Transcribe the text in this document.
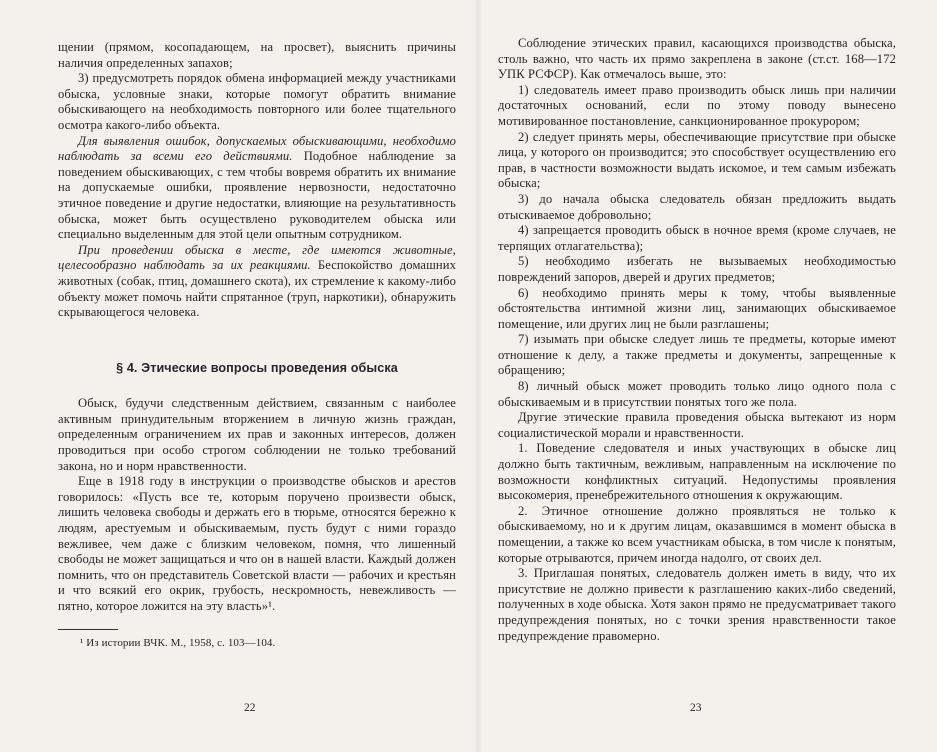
щении (прямом, косопадающем, на просвет), выяснить причины наличия определенных запахов;

3) предусмотреть порядок обмена информацией между участниками обыска, условные знаки, которые помогут обратить внимание обыскивающего на необходимость повторного или более тщательного осмотра какого-либо объекта.

Для выявления ошибок, допускаемых обыскивающими, необходимо наблюдать за всеми его действиями. Подобное наблюдение за поведением обыскивающих, с тем чтобы вовремя обратить их внимание на допускаемые ошибки, проявление нервозности, недостаточно этичное поведение и другие недостатки, влияющие на результативность обыска, может быть осуществлено руководителем обыска или специально выделенным для этой цели опытным сотрудником.

При проведении обыска в месте, где имеются животные, целесообразно наблюдать за их реакциями. Беспокойство домашних животных (собак, птиц, домашнего скота), их стремление к какому-либо объекту может помочь найти спрятанное (труп, наркотики), обнаружить скрывающегося человека.

§ 4. Этические вопросы проведения обыска

Обыск, будучи следственным действием, связанным с наиболее активным принудительным вторжением в личную жизнь граждан, определенным ограничением их прав и законных интересов, должен проводиться при особо строгом соблюдении не только требований закона, но и норм нравственности.

Еще в 1918 году в инструкции о производстве обысков и арестов говорилось: «Пусть все те, которым поручено произвести обыск, лишить человека свободы и держать его в тюрьме, относятся бережно к людям, арестуемым и обыскиваемым, пусть будут с ними гораздо вежливее, чем даже с близким человеком, помня, что лишенный свободы не может защищаться и что он в нашей власти. Каждый должен помнить, что он представитель Советской власти — рабочих и крестьян и что всякий его окрик, грубость, нескромность, невежливость — пятно, которое ложится на эту власть»¹.

¹ Из истории ВЧК. М., 1958, с. 103—104.

22

Соблюдение этических правил, касающихся производства обыска, столь важно, что часть их прямо закреплена в законе (ст.ст. 168—172 УПК РСФСР). Как отмечалось выше, это:

1) следователь имеет право производить обыск лишь при наличии достаточных оснований, если по этому поводу вынесено мотивированное постановление, санкционированное прокурором;

2) следует принять меры, обеспечивающие присутствие при обыске лица, у которого он производится; это способствует осуществлению его прав, в частности возможности выдать искомое, и тем самым избежать обыска;

3) до начала обыска следователь обязан предложить выдать отыскиваемое добровольно;

4) запрещается проводить обыск в ночное время (кроме случаев, не терпящих отлагательства);

5) необходимо избегать не вызываемых необходимостью повреждений запоров, дверей и других предметов;

6) необходимо принять меры к тому, чтобы выявленные обстоятельства интимной жизни лиц, занимающих обыскиваемое помещение, или других лиц не были разглашены;

7) изымать при обыске следует лишь те предметы, которые имеют отношение к делу, а также предметы и документы, запрещенные к обращению;

8) личный обыск может проводить только лицо одного пола с обыскиваемым и в присутствии понятых того же пола.

Другие этические правила проведения обыска вытекают из норм социалистической морали и нравственности.

1. Поведение следователя и иных участвующих в обыске лиц должно быть тактичным, вежливым, направленным на исключение по возможности конфликтных ситуаций. Недопустимы проявления высокомерия, пренебрежительного отношения к окружающим.

2. Этичное отношение должно проявляться не только к обыскиваемому, но и к другим лицам, оказавшимся в момент обыска в помещении, а также ко всем участникам обыска, в том числе к понятым, которые отрываются, причем иногда надолго, от своих дел.

3. Приглашая понятых, следователь должен иметь в виду, что их присутствие не должно привести к разглашению каких-либо сведений, полученных в ходе обыска. Хотя закон прямо не предусматривает такого предупреждения понятых, но с точки зрения нравственности такое предупреждение правомерно.

23
